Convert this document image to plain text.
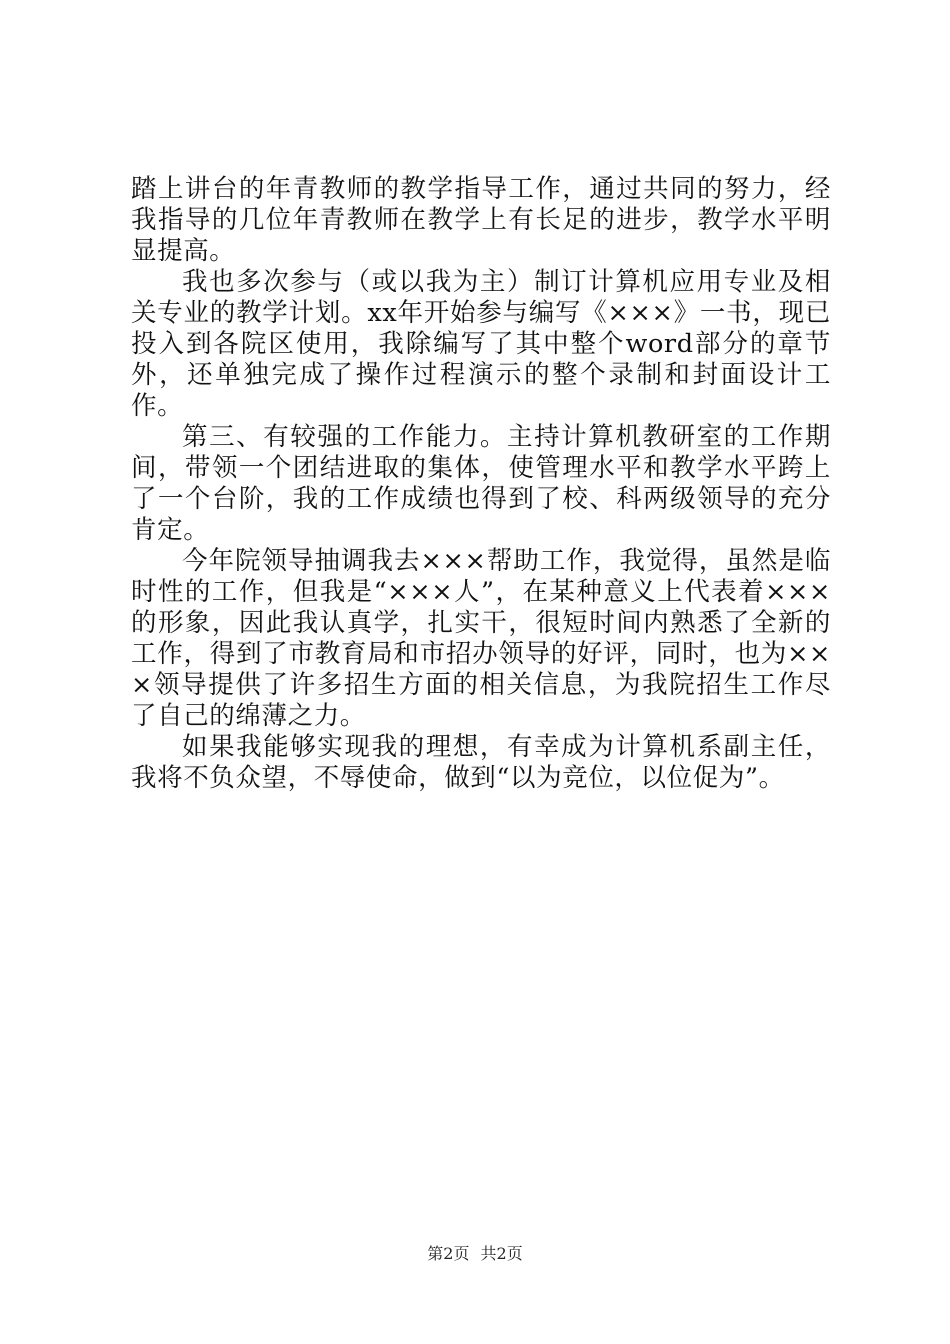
踏上讲台的年青教师的教学指导工作，通过共同的努力，经我指导的几位年青教师在教学上有长足的进步，教学水平明显提高。

我也多次参与（或以我为主）制订计算机应用专业及相关专业的教学计划。xx年开始参与编写《×××》一书，现已投入到各院区使用，我除编写了其中整个word部分的章节外，还单独完成了操作过程演示的整个录制和封面设计工作。

第三、有较强的工作能力。主持计算机教研室的工作期间，带领一个团结进取的集体，使管理水平和教学水平跨上了一个台阶，我的工作成绩也得到了校、科两级领导的充分肯定。

今年院领导抽调我去×××帮助工作，我觉得，虽然是临时性的工作，但我是“×××人”，在某种意义上代表着×××的形象，因此我认真学，扎实干，很短时间内熟悉了全新的工作，得到了市教育局和市招办领导的好评，同时，也为×××领导提供了许多招生方面的相关信息，为我院招生工作尽了自己的绵薄之力。

如果我能够实现我的理想，有幸成为计算机系副主任，我将不负众望，不辱使命，做到“以为竞位，以位促为”。

第2页 共2页
